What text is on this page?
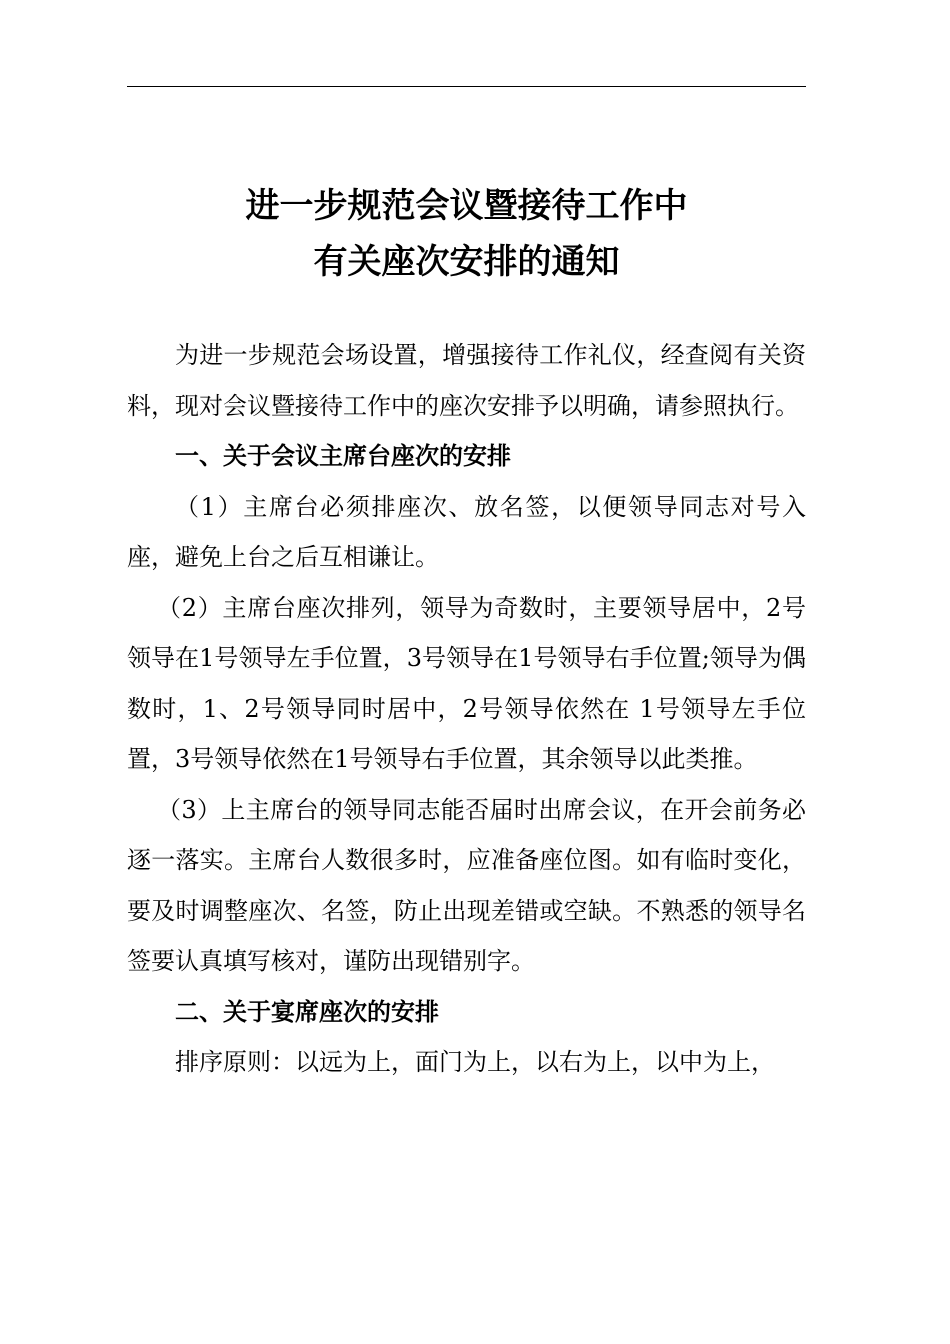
进一步规范会议暨接待工作中
有关座次安排的通知

为进一步规范会场设置，增强接待工作礼仪，经查阅有关资料，现对会议暨接待工作中的座次安排予以明确，请参照执行。

一、关于会议主席台座次的安排

（1）主席台必须排座次、放名签，以便领导同志对号入座，避免上台之后互相谦让。

（2）主席台座次排列，领导为奇数时，主要领导居中，2号领导在1号领导左手位置，3号领导在1号领导右手位置;领导为偶数时，1、2号领导同时居中，2号领导依然在 1号领导左手位置，3号领导依然在1号领导右手位置，其余领导以此类推。

（3）上主席台的领导同志能否届时出席会议，在开会前务必逐一落实。主席台人数很多时，应准备座位图。如有临时变化，要及时调整座次、名签，防止出现差错或空缺。不熟悉的领导名签要认真填写核对，谨防出现错别字。

二、关于宴席座次的安排

排序原则：以远为上，面门为上，以右为上，以中为上，
